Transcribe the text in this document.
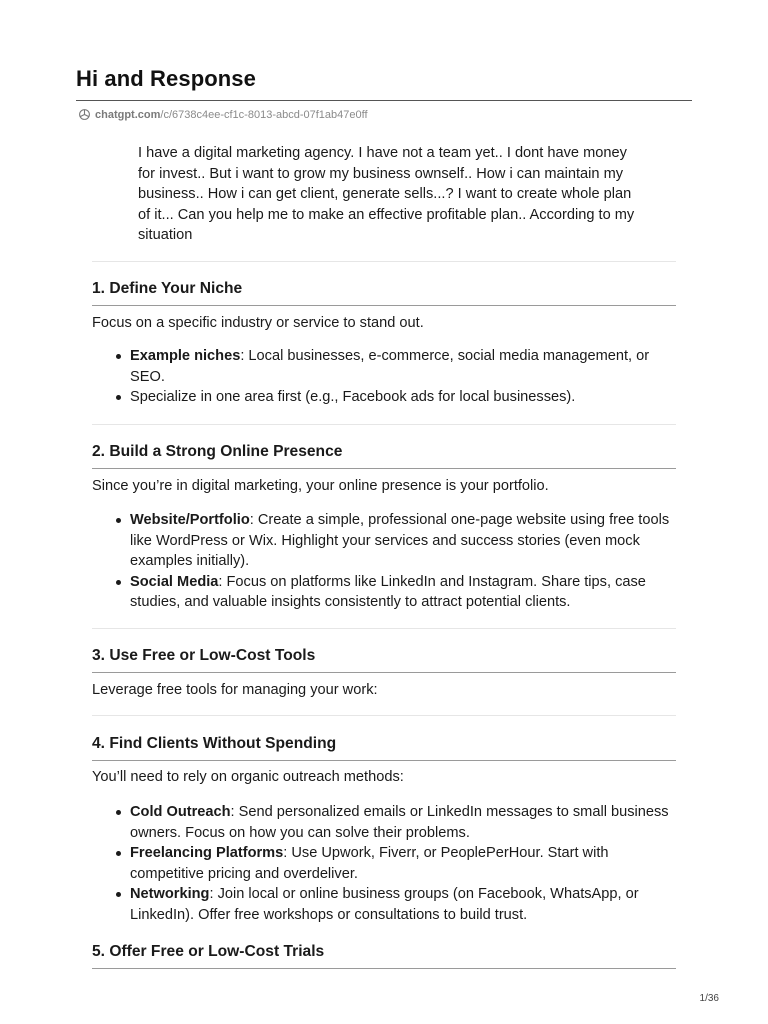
Hi and Response
chatgpt.com /c/6738c4ee-cf1c-8013-abcd-07f1ab47e0ff
I have a digital marketing agency. I have not a team yet.. I dont have money for invest.. But i want to grow my business ownself.. How i can maintain my business.. How i can get client, generate sells...? I want to create whole plan of it... Can you help me to make an effective profitable plan.. According to my situation
1. Define Your Niche
Focus on a specific industry or service to stand out.
Example niches: Local businesses, e-commerce, social media management, or SEO.
Specialize in one area first (e.g., Facebook ads for local businesses).
2. Build a Strong Online Presence
Since you’re in digital marketing, your online presence is your portfolio.
Website/Portfolio: Create a simple, professional one-page website using free tools like WordPress or Wix. Highlight your services and success stories (even mock examples initially).
Social Media: Focus on platforms like LinkedIn and Instagram. Share tips, case studies, and valuable insights consistently to attract potential clients.
3. Use Free or Low-Cost Tools
Leverage free tools for managing your work:
4. Find Clients Without Spending
You’ll need to rely on organic outreach methods:
Cold Outreach: Send personalized emails or LinkedIn messages to small business owners. Focus on how you can solve their problems.
Freelancing Platforms: Use Upwork, Fiverr, or PeoplePerHour. Start with competitive pricing and overdeliver.
Networking: Join local or online business groups (on Facebook, WhatsApp, or LinkedIn). Offer free workshops or consultations to build trust.
5. Offer Free or Low-Cost Trials
1/36
